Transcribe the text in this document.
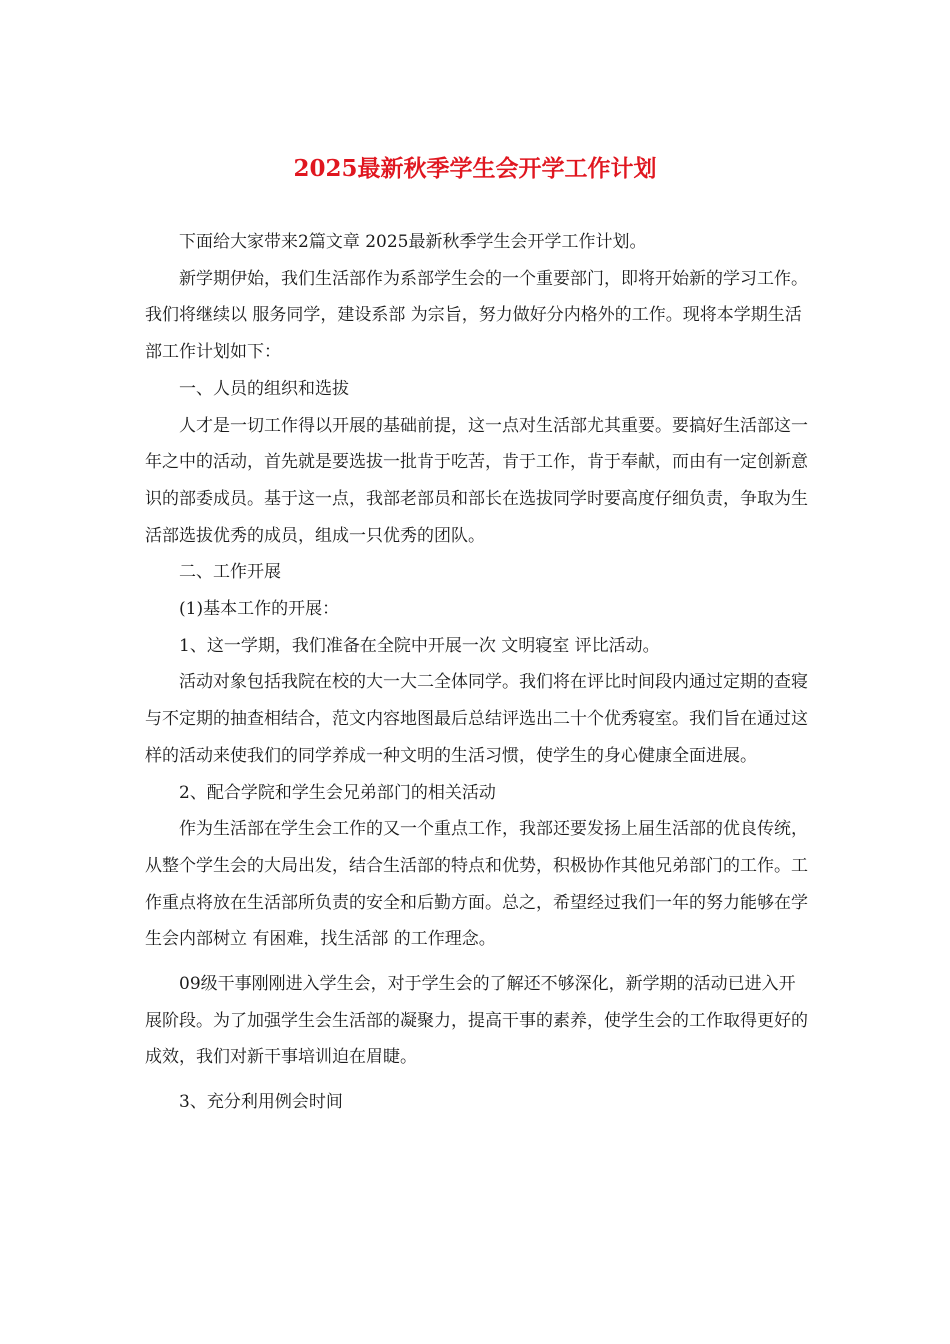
2025最新秋季学生会开学工作计划

下面给大家带来2篇文章 2025最新秋季学生会开学工作计划。

新学期伊始，我们生活部作为系部学生会的一个重要部门，即将开始新的学习工作。我们将继续以 服务同学，建设系部 为宗旨，努力做好分内格外的工作。现将本学期生活部工作计划如下：

一、人员的组织和选拔

人才是一切工作得以开展的基础前提，这一点对生活部尤其重要。要搞好生活部这一年之中的活动，首先就是要选拔一批肯于吃苦，肯于工作，肯于奉献，而由有一定创新意识的部委成员。基于这一点，我部老部员和部长在选拔同学时要高度仔细负责，争取为生活部选拔优秀的成员，组成一只优秀的团队。

二、工作开展

(1)基本工作的开展：

1、这一学期，我们准备在全院中开展一次 文明寝室 评比活动。

活动对象包括我院在校的大一大二全体同学。我们将在评比时间段内通过定期的查寝与不定期的抽查相结合，范文内容地图最后总结评选出二十个优秀寝室。我们旨在通过这样的活动来使我们的同学养成一种文明的生活习惯，使学生的身心健康全面进展。

2、配合学院和学生会兄弟部门的相关活动

作为生活部在学生会工作的又一个重点工作，我部还要发扬上届生活部的优良传统，从整个学生会的大局出发，结合生活部的特点和优势，积极协作其他兄弟部门的工作。工作重点将放在生活部所负责的安全和后勤方面。总之，希望经过我们一年的努力能够在学生会内部树立 有困难，找生活部 的工作理念。

09级干事刚刚进入学生会，对于学生会的了解还不够深化，新学期的活动已进入开展阶段。为了加强学生会生活部的凝聚力，提高干事的素养，使学生会的工作取得更好的成效，我们对新干事培训迫在眉睫。

3、充分利用例会时间
